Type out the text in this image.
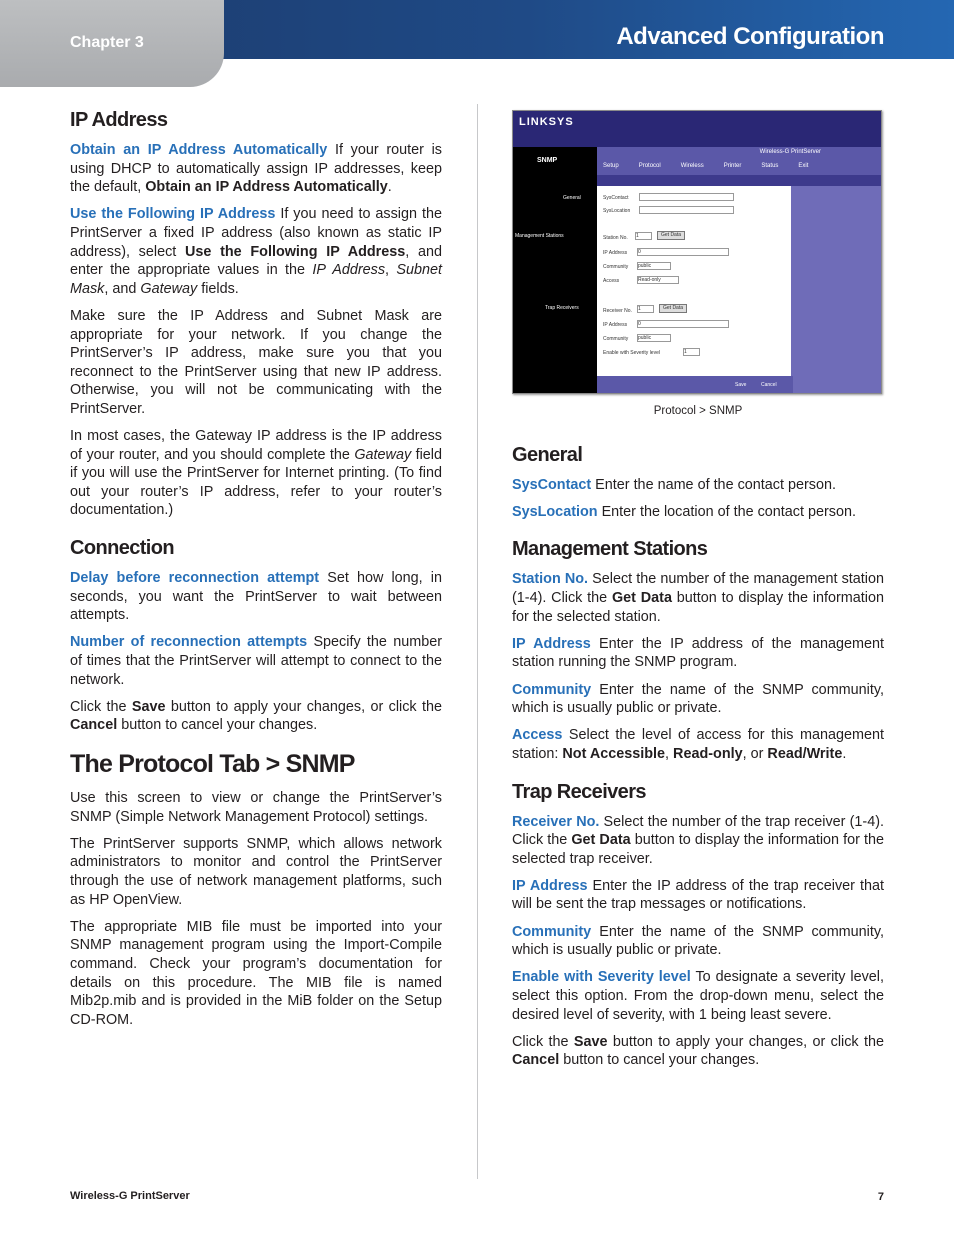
Chapter 3	Advanced Configuration
IP Address

Obtain an IP Address Automatically If your router is using DHCP to automatically assign IP addresses, keep the default, Obtain an IP Address Automatically.

Use the Following IP Address If you need to assign the PrintServer a fixed IP address (also known as static IP address), select Use the Following IP Address, and enter the appropriate values in the IP Address, Subnet Mask, and Gateway fields.

Make sure the IP Address and Subnet Mask are appropriate for your network. If you change the PrintServer’s IP address, make sure you that you reconnect to the PrintServer using that new IP address. Otherwise, you will not be communicating with the PrintServer.

In most cases, the Gateway IP address is the IP address of your router, and you should complete the Gateway field if you will use the PrintServer for Internet printing. (To find out your router’s IP address, refer to your router’s documentation.)

Connection

Delay before reconnection attempt Set how long, in seconds, you want the PrintServer to wait between attempts.

Number of reconnection attempts Specify the number of times that the PrintServer will attempt to connect to the network.

Click the Save button to apply your changes, or click the Cancel button to cancel your changes.

The Protocol Tab > SNMP

Use this screen to view or change the PrintServer’s SNMP (Simple Network Management Protocol) settings.

The PrintServer supports SNMP, which allows network administrators to monitor and control the PrintServer through the use of network management platforms, such as HP OpenView.

The appropriate MIB file must be imported into your SNMP management program using the Import-Compile command. Check your program’s documentation for details on this procedure. The MIB file is named Mib2p.mib and is provided in the MiB folder on the Setup CD-ROM.

LINKSYS
SNMP
Wireless-G PrintServer
Setup	Protocol	Wireless	Printer	Status	Exit
General
Management Stations
Trap Receivers
SysContact
SysLocation
Station No. 1	Get Data
IP Address 0
Community public
Access	Read-only
Receiver No. 1	Get Data
IP Address 0
Community public
Enable with Severity level	1
Save	Cancel
Protocol > SNMP
General

SysContact Enter the name of the contact person.

SysLocation Enter the location of the contact person.

Management Stations

Station No. Select the number of the management station (1-4). Click the Get Data button to display the information for the selected station.

IP Address Enter the IP address of the management station running the SNMP program.

Community Enter the name of the SNMP community, which is usually public or private.

Access Select the level of access for this management station: Not Accessible, Read-only, or Read/Write.

Trap Receivers

Receiver No. Select the number of the trap receiver (1-4). Click the Get Data button to display the information for the selected trap receiver.

IP Address Enter the IP address of the trap receiver that will be sent the trap messages or notifications.

Community Enter the name of the SNMP community, which is usually public or private.

Enable with Severity level To designate a severity level, select this option. From the drop-down menu, select the desired level of severity, with 1 being least severe.

Click the Save button to apply your changes, or click the Cancel button to cancel your changes.

Wireless-G PrintServer	7
